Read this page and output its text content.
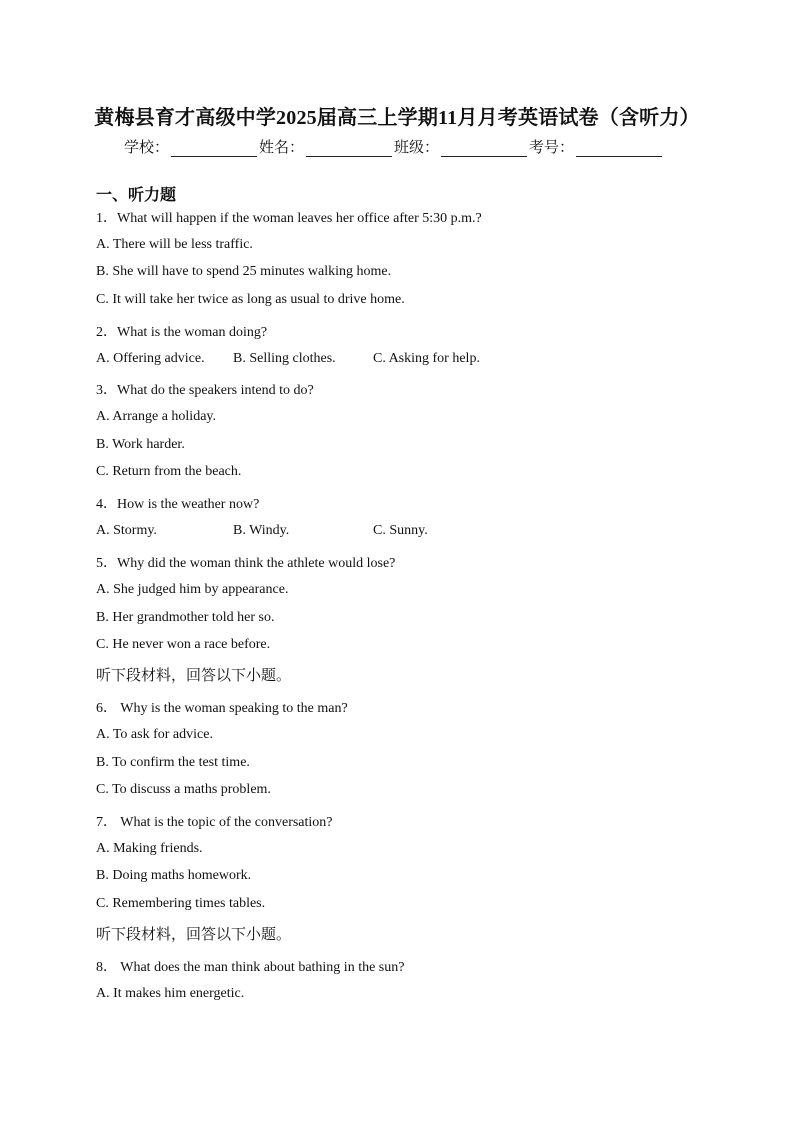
黄梅县育才高级中学2025届高三上学期11月月考英语试卷（含听力）
学校：	姓名：	班级：	考号：
一、听力题
1．What will happen if the woman leaves her office after 5:30 p.m.?
A. There will be less traffic.
B. She will have to spend 25 minutes walking home.
C. It will take her twice as long as usual to drive home.
2．What is the woman doing?
A. Offering advice. B. Selling clothes.	C. Asking for help.
3．What do the speakers intend to do?
A. Arrange a holiday.
B. Work harder.
C. Return from the beach.
4．How is the weather now?
A. Stormy.	B. Windy.	C. Sunny.
5．Why did the woman think the athlete would lose?
A. She judged him by appearance.
B. Her grandmother told her so.
C. He never won a race before.
听下段材料，回答以下小题。
6． Why is the woman speaking to the man?
A. To ask for advice.
B. To confirm the test time.
C. To discuss a maths problem.
7． What is the topic of the conversation?
A. Making friends.
B. Doing maths homework.
C. Remembering times tables.
听下段材料，回答以下小题。
8． What does the man think about bathing in the sun?
A. It makes him energetic.
